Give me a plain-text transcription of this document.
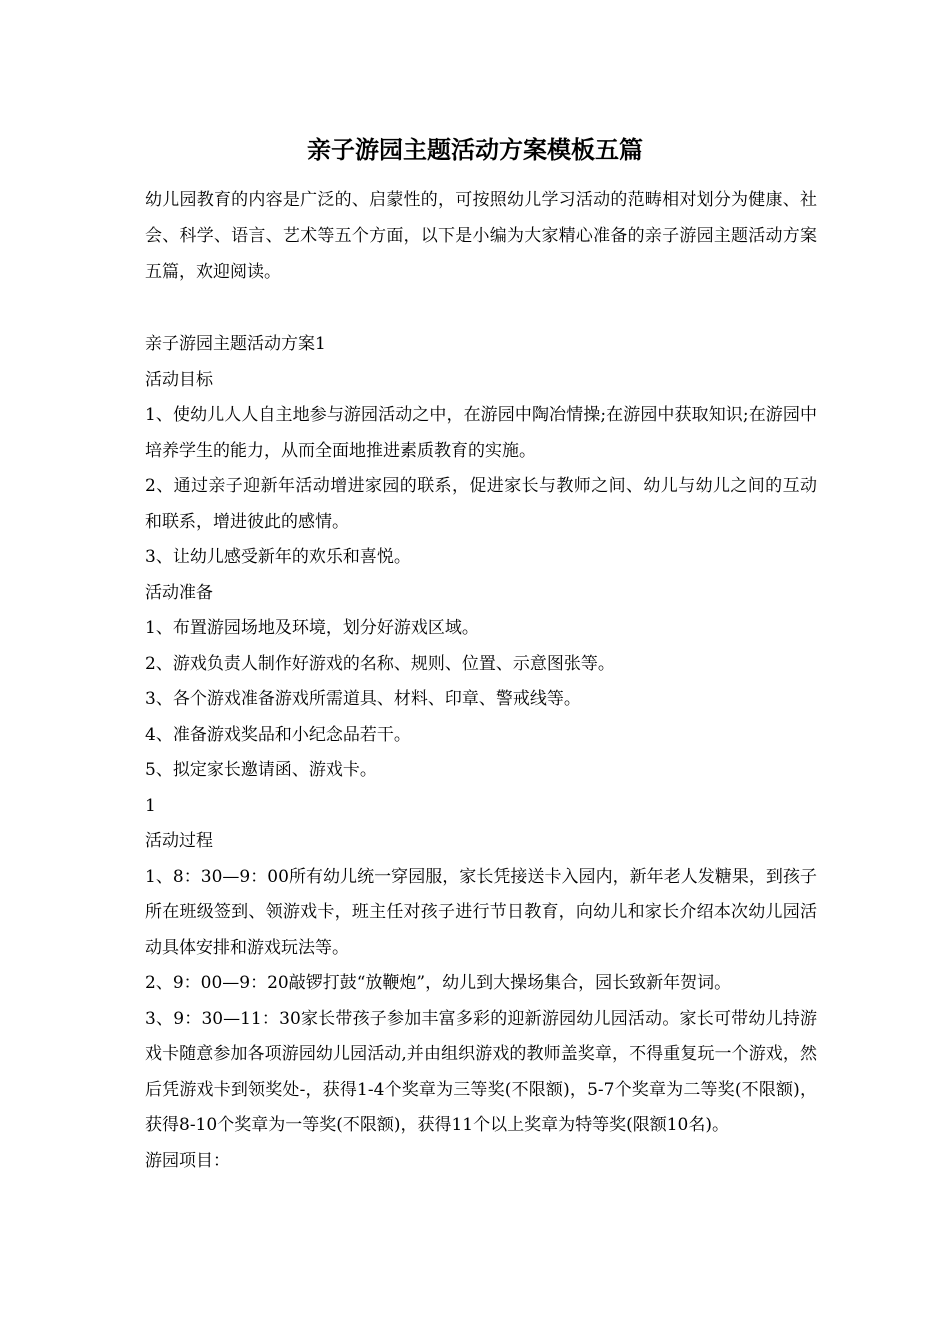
亲子游园主题活动方案模板五篇

幼儿园教育的内容是广泛的、启蒙性的，可按照幼儿学习活动的范畴相对划分为健康、社会、科学、语言、艺术等五个方面，以下是小编为大家精心准备的亲子游园主题活动方案五篇，欢迎阅读。

亲子游园主题活动方案1

活动目标

1、使幼儿人人自主地参与游园活动之中，在游园中陶冶情操;在游园中获取知识;在游园中培养学生的能力，从而全面地推进素质教育的实施。

2、通过亲子迎新年活动增进家园的联系，促进家长与教师之间、幼儿与幼儿之间的互动和联系，增进彼此的感情。

3、让幼儿感受新年的欢乐和喜悦。

活动准备

1、布置游园场地及环境，划分好游戏区域。

2、游戏负责人制作好游戏的名称、规则、位置、示意图张等。

3、各个游戏准备游戏所需道具、材料、印章、警戒线等。

4、准备游戏奖品和小纪念品若干。

5、拟定家长邀请函、游戏卡。

1

活动过程

1、8：30—9：00所有幼儿统一穿园服，家长凭接送卡入园内，新年老人发糖果，到孩子所在班级签到、领游戏卡，班主任对孩子进行节日教育，向幼儿和家长介绍本次幼儿园活动具体安排和游戏玩法等。

2、9：00—9：20敲锣打鼓“放鞭炮”，幼儿到大操场集合，园长致新年贺词。

3、9：30—11：30家长带孩子参加丰富多彩的迎新游园幼儿园活动。家长可带幼儿持游戏卡随意参加各项游园幼儿园活动,并由组织游戏的教师盖奖章，不得重复玩一个游戏，然后凭游戏卡到领奖处-，获得1-4个奖章为三等奖(不限额)，5-7个奖章为二等奖(不限额)，获得8-10个奖章为一等奖(不限额)，获得11个以上奖章为特等奖(限额10名)。

游园项目：
